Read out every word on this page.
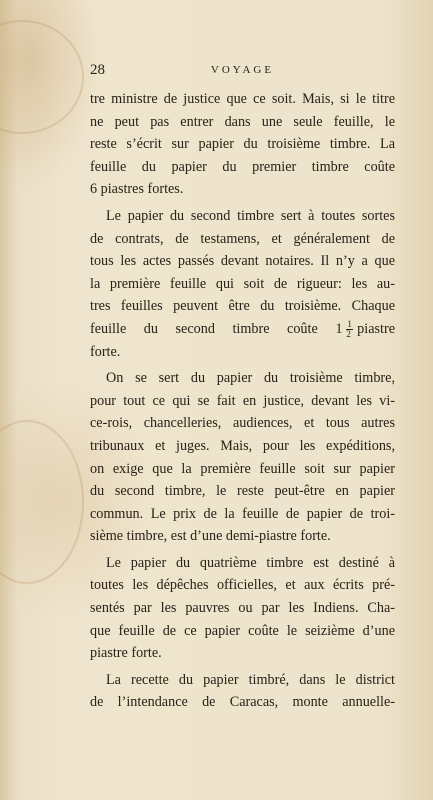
28	VOYAGE
tre ministre de justice que ce soit. Mais, si le titre
ne peut pas entrer dans une seule feuille, le
reste s’écrit sur papier du troisième timbre. La
feuille du papier du premier timbre coûte
6 piastres fortes.
Le papier du second timbre sert à toutes sortes
de contrats, de testamens, et généralement de
tous les actes passés devant notaires. Il n’y a que
la première feuille qui soit de rigueur: les au-
tres feuilles peuvent être du troisième. Chaque
feuille du second timbre coûte $1 \frac{1}{2}$ piastre
forte.
On se sert du papier du troisième timbre,
pour tout ce qui se fait en justice, devant les vi-
ce-rois, chancelleries, audiences, et tous autres
tribunaux et juges. Mais, pour les expéditions,
on exige que la première feuille soit sur papier
du second timbre, le reste peut-être en papier
commun. Le prix de la feuille de papier de troi-
sième timbre, est d’une demi-piastre forte.
Le papier du quatrième timbre est destiné à
toutes les dépêches officielles, et aux écrits pré-
sentés par les pauvres ou par les Indiens. Cha-
que feuille de ce papier coûte le seizième d’une
piastre forte.
La recette du papier timbré, dans le district
de l’intendance de Caracas, monte annuelle-
